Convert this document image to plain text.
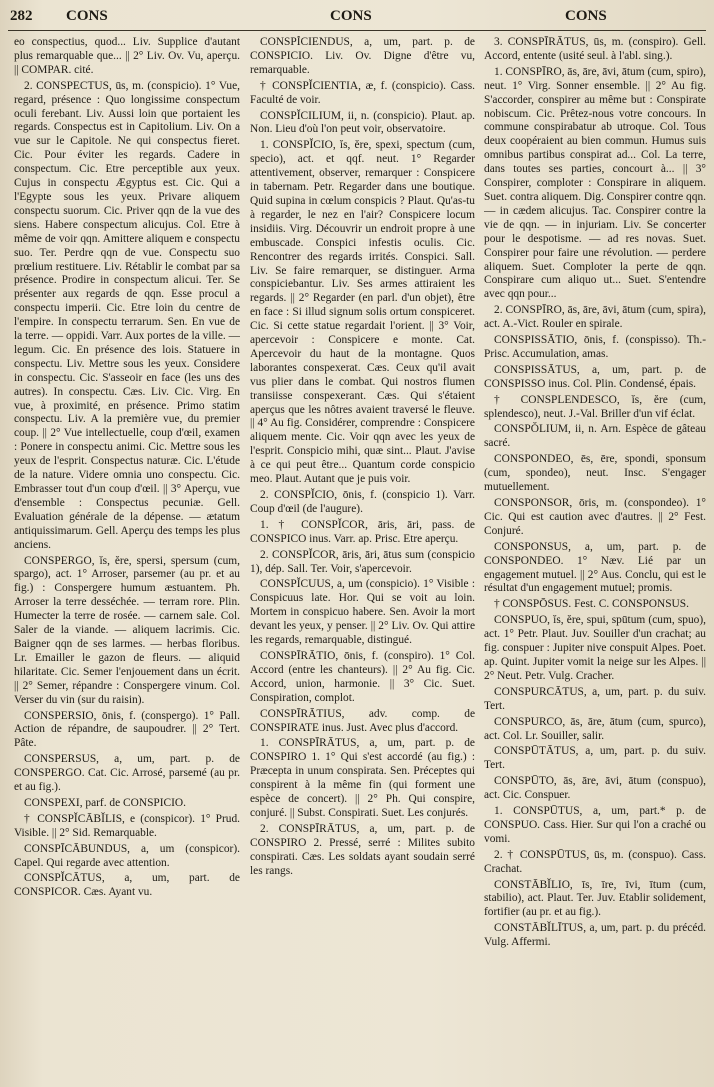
282 CONS	CONS	CONS

eo conspectius, quod... Liv. Supplice d'autant plus remarquable que... || 2° Liv. Ov. Vu, aperçu. || COMPAR. cité.

2. CONSPECTUS, ūs, m. (conspicio). 1° Vue, regard, présence : Quo longissime conspectum oculi ferebant. Liv. Aussi loin que portaient les regards. Conspectus est in Capitolium. Liv. On a vue sur le Capitole. Ne qui conspectus fieret. Cic. Pour éviter les regards. Cadere in conspectum. Cic. Etre perceptible aux yeux. Cujus in conspectu Ægyptus est. Cic. Qui a l'Egypte sous les yeux. Privare aliquem conspectu suorum. Cic. Priver qqn de la vue des siens. Habere conspectum alicujus. Col. Etre à même de voir qqn. Amittere aliquem e conspectu suo. Ter. Perdre qqn de vue. Conspectu suo prœlium restituere. Liv. Rétablir le combat par sa présence. Prodire in conspectum alicui. Ter. Se présenter aux regards de qqn. Esse procul a conspectu imperii. Cic. Etre loin du centre de l'empire. In conspectu terrarum. Sen. En vue de la terre. — oppidi. Varr. Aux portes de la ville. — legum. Cic. En présence des lois. Statuere in conspectu. Liv. Mettre sous les yeux. Considere in conspectu. Cic. S'asseoir en face (les uns des autres). In conspectu. Cæs. Liv. Cic. Virg. En vue, à proximité, en présence. Primo statim conspectu. Liv. A la première vue, du premier coup. || 2° Vue intellectuelle, coup d'œil, examen : Ponere in conspectu animi. Cic. Mettre sous les yeux de l'esprit. Conspectus naturæ. Cic. L'étude de la nature. Videre omnia uno conspectu. Cic. Embrasser tout d'un coup d'œil. || 3° Aperçu, vue d'ensemble : Conspectus pecuniæ. Gell. Evaluation générale de la dépense. — ætatum antiquissimarum. Gell. Aperçu des temps les plus anciens.

CONSPERGO, ĭs, ĕre, spersi, spersum (cum, spargo), act. 1° Arroser, parsemer (au pr. et au fig.) : Conspergere humum æstuantem. Ph. Arroser la terre desséchée. — terram rore. Plin. Humecter la terre de rosée. — carnem sale. Col. Saler de la viande. — aliquem lacrimis. Cic. Baigner qqn de ses larmes. — herbas floribus. Lr. Emailler le gazon de fleurs. — aliquid hilaritate. Cic. Semer l'enjouement dans un écrit. || 2° Semer, répandre : Conspergere vinum. Col. Verser du vin (sur du raisin).

CONSPERSIO, ōnis, f. (conspergo). 1° Pall. Action de répandre, de saupoudrer. || 2° Tert. Pâte.

CONSPERSUS, a, um, part. p. de CONSPERGO. Cat. Cic. Arrosé, parsemé (au pr. et au fig.).

CONSPEXI, parf. de CONSPICIO.

† CONSPĬCĀBĬLIS, e (conspicor). 1° Prud. Visible. || 2° Sid. Remarquable.

CONSPĪCĀBUNDUS, a, um (conspicor). Capel. Qui regarde avec attention.

CONSPĬCĀTUS, a, um, part. de CONSPICOR. Cæs. Ayant vu.

CONSPĬCIENDUS, a, um, part. p. de CONSPICIO. Liv. Ov. Digne d'être vu, remarquable.

† CONSPĬCIENTIA, æ, f. (conspicio). Cass. Faculté de voir.

CONSPĬCILIUM, ii, n. (conspicio). Plaut. ap. Non. Lieu d'où l'on peut voir, observatoire.

1. CONSPĬCIO, ĭs, ĕre, spexi, spectum (cum, specio), act. et qqf. neut. 1° Regarder attentivement, observer, remarquer : Conspicere in tabernam. Petr. Regarder dans une boutique. Quid supina in cœlum conspicis ? Plaut. Qu'as-tu à regarder, le nez en l'air? Conspicere locum insidiis. Virg. Découvrir un endroit propre à une embuscade. Conspici infestis oculis. Cic. Rencontrer des regards irrités. Conspici. Sall. Liv. Se faire remarquer, se distinguer. Arma conspiciebantur. Liv. Ses armes attiraient les regards. || 2° Regarder (en parl. d'un objet), être en face : Si illud signum solis ortum conspiceret. Cic. Si cette statue regardait l'orient. || 3° Voir, apercevoir : Conspicere e monte. Cat. Apercevoir du haut de la montagne. Quos laborantes conspexerat. Cæs. Ceux qu'il avait vus plier dans le combat. Qui nostros flumen transiisse conspexerant. Cæs. Qui s'étaient aperçus que les nôtres avaient traversé le fleuve. || 4° Au fig. Considérer, comprendre : Conspicere aliquem mente. Cic. Voir qqn avec les yeux de l'esprit. Conspicio mihi, quæ sint... Plaut. J'avise à ce qui peut être... Quantum corde conspicio meo. Plaut. Autant que je puis voir.

2. CONSPĬCIO, ōnis, f. (conspicio 1). Varr. Coup d'œil (de l'augure).

1. † CONSPĬCOR, āris, āri, pass. de CONSPICO inus. Varr. ap. Prisc. Etre aperçu.

2. CONSPĬCOR, āris, āri, ātus sum (conspicio 1), dép. Sall. Ter. Voir, s'apercevoir.

CONSPĬCUUS, a, um (conspicio). 1° Visible : Conspicuus late. Hor. Qui se voit au loin. Mortem in conspicuo habere. Sen. Avoir la mort devant les yeux, y penser. || 2° Liv. Ov. Qui attire les regards, remarquable, distingué.

CONSPĪRĀTIO, ōnis, f. (conspiro). 1° Col. Accord (entre les chanteurs). || 2° Au fig. Cic. Accord, union, harmonie. || 3° Cic. Suet. Conspiration, complot.

CONSPĪRĀTIUS, adv. comp. de CONSPIRATE inus. Just. Avec plus d'accord.

1. CONSPĪRĀTUS, a, um, part. p. de CONSPIRO 1. 1° Qui s'est accordé (au fig.) : Præcepta in unum conspirata. Sen. Préceptes qui conspirent à la même fin (qui forment une espèce de concert). || 2° Ph. Qui conspire, conjuré. || Subst. Conspirati. Suet. Les conjurés.

2. CONSPĪRĀTUS, a, um, part. p. de CONSPIRO 2. Pressé, serré : Milites subito conspirati. Cæs. Les soldats ayant soudain serré les rangs.

3. CONSPĪRĀTUS, ūs, m. (conspiro). Gell. Accord, entente (usité seul. à l'abl. sing.).

1. CONSPĪRO, ās, āre, āvi, ātum (cum, spiro), neut. 1° Virg. Sonner ensemble. || 2° Au fig. S'accorder, conspirer au même but : Conspirate nobiscum. Cic. Prêtez-nous votre concours. In commune conspirabatur ab utroque. Col. Tous deux coopéraient au bien commun. Humus suis omnibus partibus conspirat ad... Col. La terre, dans toutes ses parties, concourt à... || 3° Conspirer, comploter : Conspirare in aliquem. Suet. contra aliquem. Dig. Conspirer contre qqn. — in cædem alicujus. Tac. Conspirer contre la vie de qqn. — in injuriam. Liv. Se concerter pour le despotisme. — ad res novas. Suet. Conspirer pour faire une révolution. — perdere aliquem. Suet. Comploter la perte de qqn. Conspirare cum aliquo ut... Suet. S'entendre avec qqn pour...

2. CONSPĪRO, ās, āre, āvi, ātum (cum, spira), act. A.-Vict. Rouler en spirale.

CONSPISSĀTIO, ōnis, f. (conspisso). Th.-Prisc. Accumulation, amas.

CONSPISSĀTUS, a, um, part. p. de CONSPISSO inus. Col. Plin. Condensé, épais.

† CONSPLENDESCO, ĭs, ĕre (cum, splendesco), neut. J.-Val. Briller d'un vif éclat.

CONSPŎLIUM, ii, n. Arn. Espèce de gâteau sacré.

CONSPONDEO, ēs, ēre, spondi, sponsum (cum, spondeo), neut. Insc. S'engager mutuellement.

CONSPONSOR, ōris, m. (conspondeo). 1° Cic. Qui est caution avec d'autres. || 2° Fest. Conjuré.

CONSPONSUS, a, um, part. p. de CONSPONDEO. 1° Næv. Lié par un engagement mutuel. || 2° Aus. Conclu, qui est le résultat d'un engagement mutuel; promis.

† CONSPŌSUS. Fest. C. CONSPONSUS.

CONSPUO, ĭs, ĕre, spui, spūtum (cum, spuo), act. 1° Petr. Plaut. Juv. Souiller d'un crachat; au fig. conspuer : Jupiter nive conspuit Alpes. Poet. ap. Quint. Jupiter vomit la neige sur les Alpes. || 2° Neut. Petr. Vulg. Cracher.

CONSPURCĀTUS, a, um, part. p. du suiv. Tert.

CONSPURCO, ās, āre, ātum (cum, spurco), act. Col. Lr. Souiller, salir.

CONSPŪTĀTUS, a, um, part. p. du suiv. Tert.

CONSPŪTO, ās, āre, āvi, ātum (conspuo), act. Cic. Conspuer.

1. CONSPŪTUS, a, um, part.* p. de CONSPUO. Cass. Hier. Sur qui l'on a craché ou vomi.

2. † CONSPŪTUS, ūs, m. (conspuo). Cass. Crachat.

CONSTĀBĬLIO, īs, īre, īvi, ītum (cum, stabilio), act. Plaut. Ter. Juv. Etablir solidement, fortifier (au pr. et au fig.).

CONSTĀBĬLĪTUS, a, um, part. p. du précéd. Vulg. Affermi.
